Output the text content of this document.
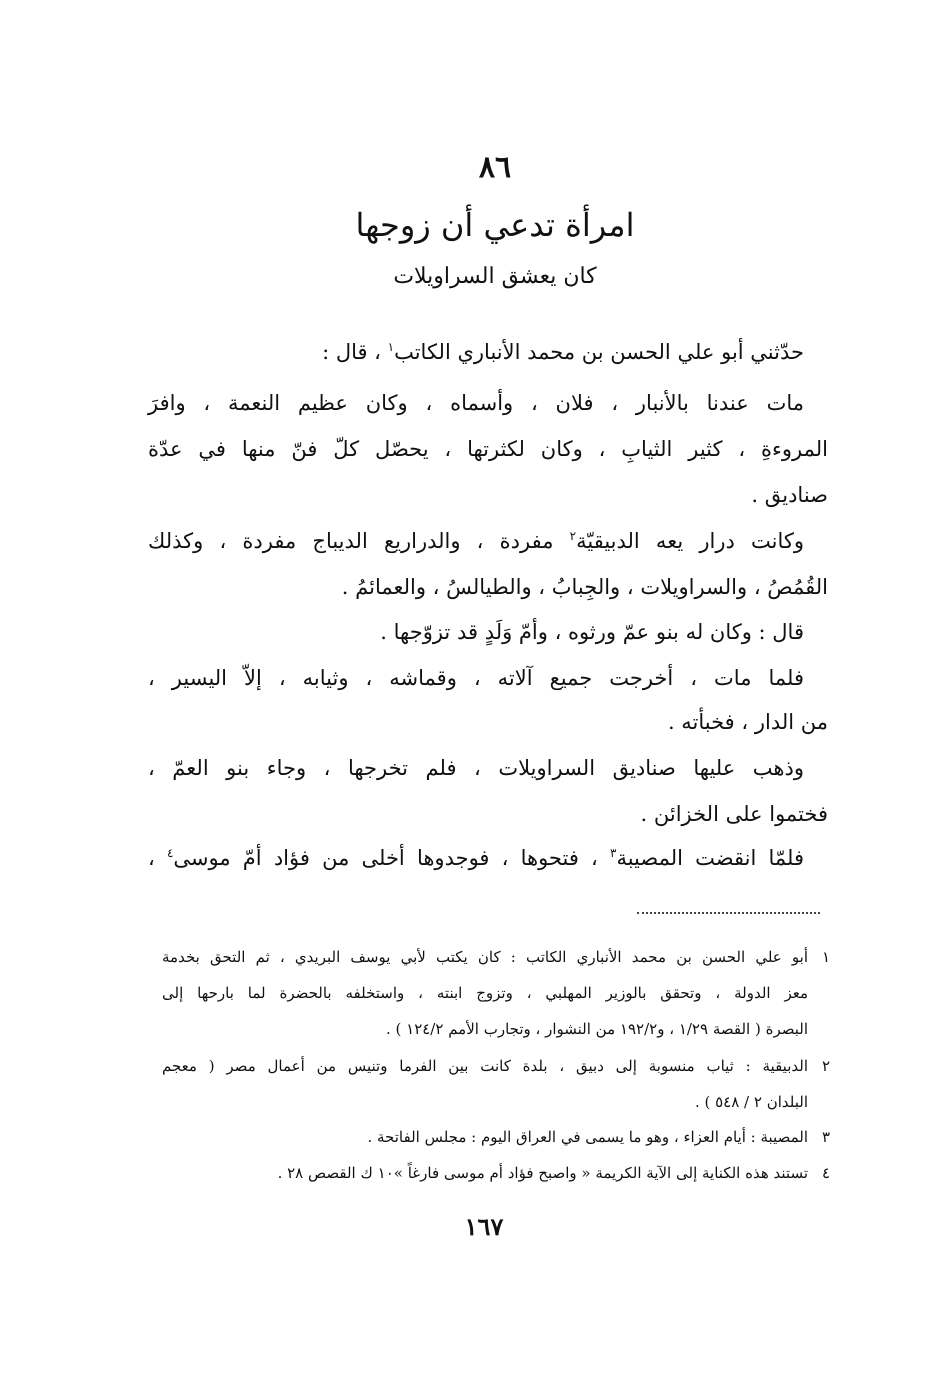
٨٦
امرأة تدعي أن زوجها
كان يعشق السراويلات
حدّثني أبو علي الحسن بن محمد الأنباري الكاتب$^١$ ، قال :
مات عندنا بالأنبار ، فلان ، وأسماه ، وكان عظيم النعمة ، وافرَ
المروءةِ ، كثير الثيابِ ، وكان لكثرتها ، يحصّل كلّ فنّ منها في عدّة
صناديق .
وكانت درار يعه الدبيقيّة$^٢$ مفردة ، والدراريع الديباج مفردة ، وكذلك
القُمُصُ ، والسراويلات ، والجِبابُ ، والطيالسُ ، والعمائمُ .
قال : وكان له بنو عمّ ورثوه ، وأمّ وَلَدٍ قد تزوّجها .
فلما مات ، أخرجت جميع آلاته ، وقماشه ، وثيابه ، إلاّ اليسير ،
من الدار ، فخبأته .
وذهب عليها صناديق السراويلات ، فلم تخرجها ، وجاء بنو العمّ ،
فختموا على الخزائن .
فلمّا انقضت المصيبة$^٣$ ، فتحوها ، فوجدوها أخلى من فؤاد أمّ موسى$^٤$ ،
١أبو علي الحسن بن محمد الأنباري الكاتب : كان يكتب لأبي يوسف البريدي ، ثم التحق بخدمة
معز الدولة ، وتحقق بالوزير المهلبي ، وتزوج ابنته ، واستخلفه بالحضرة لما بارحها إلى
البصرة ( القصة ١/٢٩ ، و١٩٢/٢ من النشوار ، وتجارب الأمم ١٢٤/٢ ) .
٢الدبيقية : ثياب منسوبة إلى دبيق ، بلدة كانت بين الفرما وتنيس من أعمال مصر ( معجم
البلدان ٢ / ٥٤٨ ) .
٣المصيبة : أيام العزاء ، وهو ما يسمى في العراق اليوم : مجلس الفاتحة .
٤تستند هذه الكناية إلى الآية الكريمة « واصبح فؤاد أم موسى فارغاً »١٠ ك القصص ٢٨ .
١٦٧
